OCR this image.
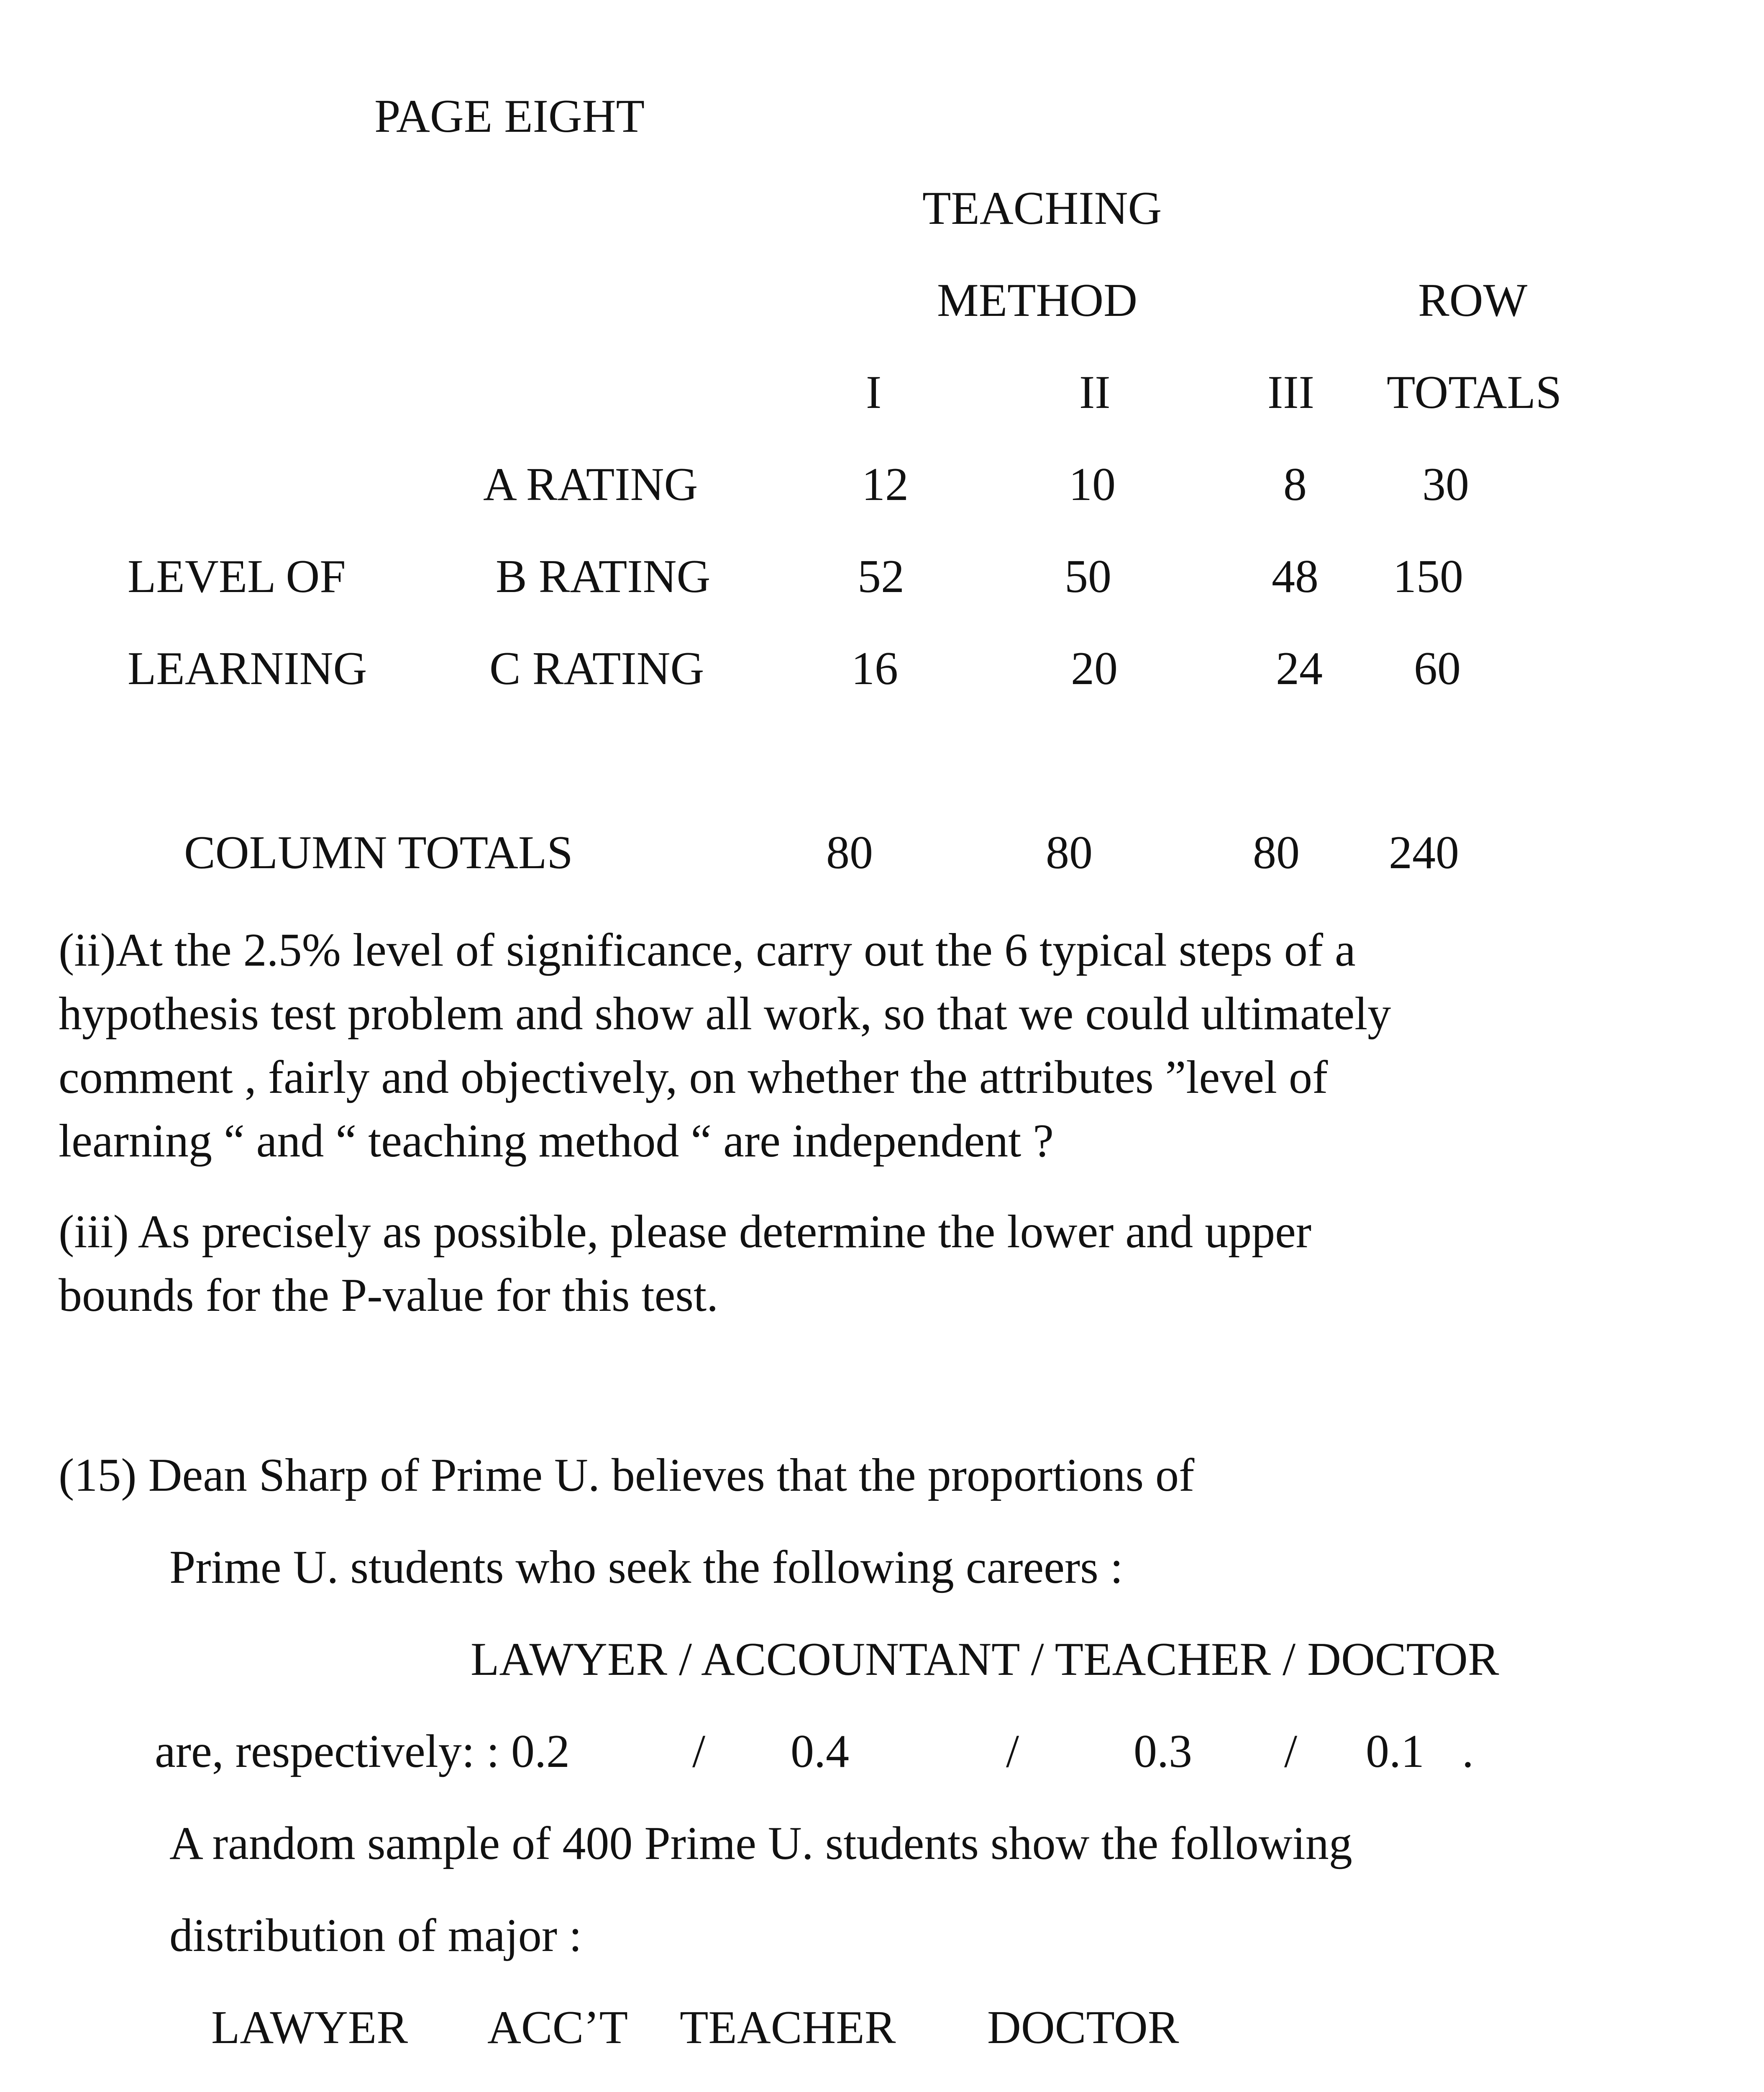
PAGE EIGHT
TEACHING
METHOD	ROW
I	II	III TOTALS
A RATING	12	10	8 30
LEVEL OF	B RATING	52	50	48 150
LEARNING	C RATING	16	20	24 60
COLUMN TOTALS	80	80	80 240

(ii)At the 2.5% level of significance, carry out the 6 typical steps of a

hypothesis test problem and show all work, so that we could ultimately

comment , fairly and objectively, on whether the attributes ”level of

learning “ and “ teaching method “ are independent ?

(iii) As precisely as possible, please determine the lower and upper

bounds for the P-value for this test.

(15) Dean Sharp of Prime U. believes that the proportions of
Prime U. students who seek the following careers :
LAWYER / ACCOUNTANT / TEACHER / DOCTOR
are, respectively: : 0.2	/ 0.4	/ 0.3 / 0.1 .
A random sample of 400 Prime U. students show the following
distribution of major :
LAWYER ACC’T TEACHER DOCTOR
